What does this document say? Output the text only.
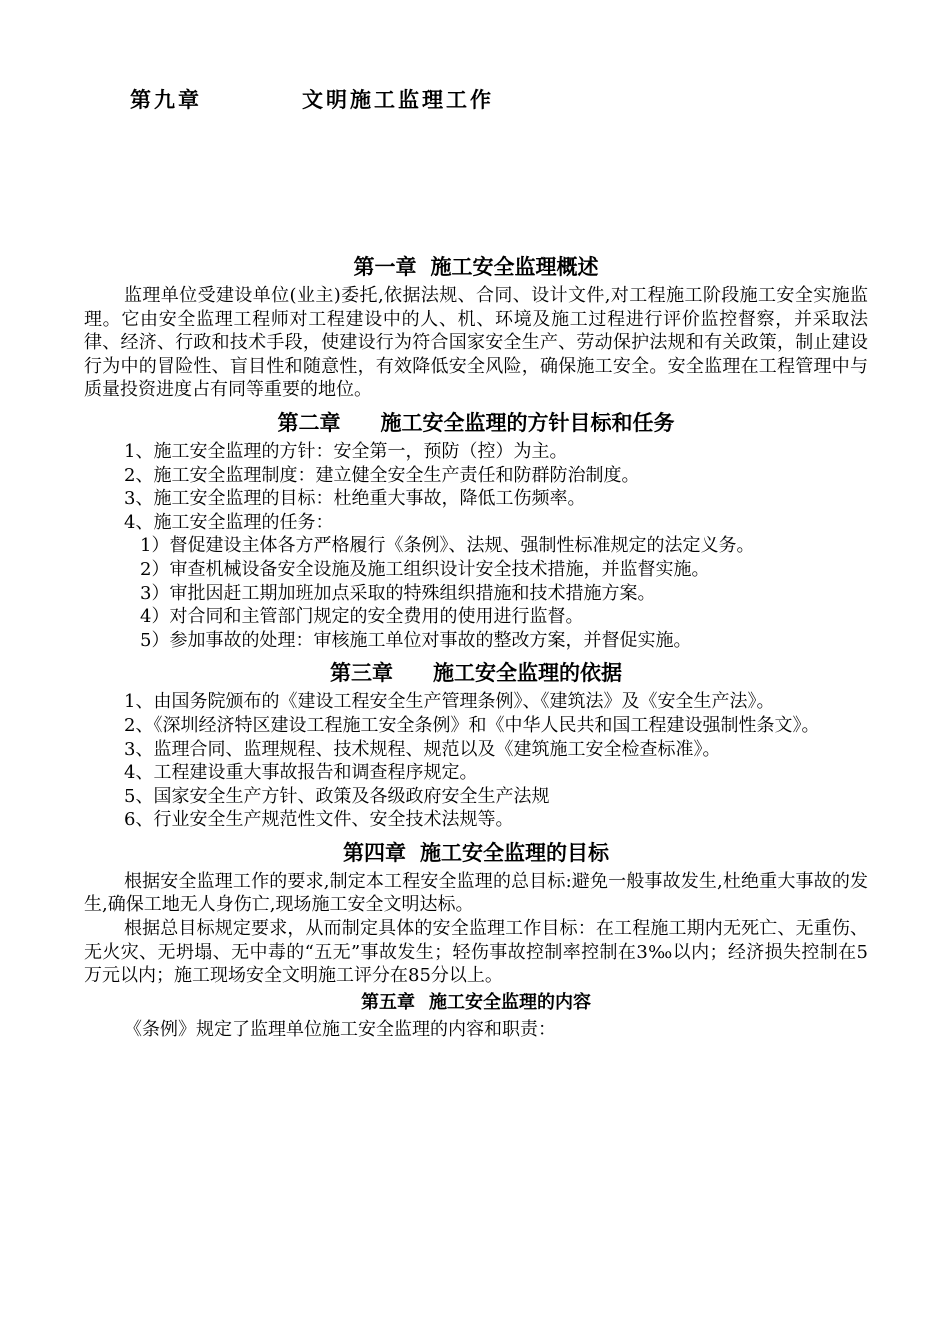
第九章	文明施工监理工作
第一章 施工安全监理概述

监理单位受建设单位(业主)委托,依据法规、合同、设计文件,对工程施工阶段施工安全实施监理。它由安全监理工程师对工程建设中的人、机、环境及施工过程进行评价监控督察，并采取法律、经济、行政和技术手段，使建设行为符合国家安全生产、劳动保护法规和有关政策，制止建设行为中的冒险性、盲目性和随意性，有效降低安全风险，确保施工安全。安全监理在工程管理中与质量投资进度占有同等重要的地位。

第二章 施工安全监理的方针目标和任务

1、施工安全监理的方针：安全第一，预防（控）为主。

2、施工安全监理制度：建立健全安全生产责任和防群防治制度。

3、施工安全监理的目标：杜绝重大事故，降低工伤频率。

4、施工安全监理的任务：

1）督促建设主体各方严格履行《条例》、法规、强制性标准规定的法定义务。

2）审查机械设备安全设施及施工组织设计安全技术措施，并监督实施。

3）审批因赶工期加班加点采取的特殊组织措施和技术措施方案。

4）对合同和主管部门规定的安全费用的使用进行监督。

5）参加事故的处理：审核施工单位对事故的整改方案，并督促实施。

第三章 施工安全监理的依据

1、由国务院颁布的《建设工程安全生产管理条例》、《建筑法》及《安全生产法》。

2、《深圳经济特区建设工程施工安全条例》和《中华人民共和国工程建设强制性条文》。

3、监理合同、监理规程、技术规程、规范以及《建筑施工安全检查标准》。

4、工程建设重大事故报告和调查程序规定。

5、国家安全生产方针、政策及各级政府安全生产法规

6、行业安全生产规范性文件、安全技术法规等。

第四章 施工安全监理的目标

根据安全监理工作的要求,制定本工程安全监理的总目标:避免一般事故发生,杜绝重大事故的发生,确保工地无人身伤亡,现场施工安全文明达标。

根据总目标规定要求，从而制定具体的安全监理工作目标：在工程施工期内无死亡、无重伤、无火灾、无坍塌、无中毒的“五无”事故发生；轻伤事故控制率控制在3‰以内；经济损失控制在5万元以内；施工现场安全文明施工评分在85分以上。

第五章 施工安全监理的内容

《条例》规定了监理单位施工安全监理的内容和职责：
